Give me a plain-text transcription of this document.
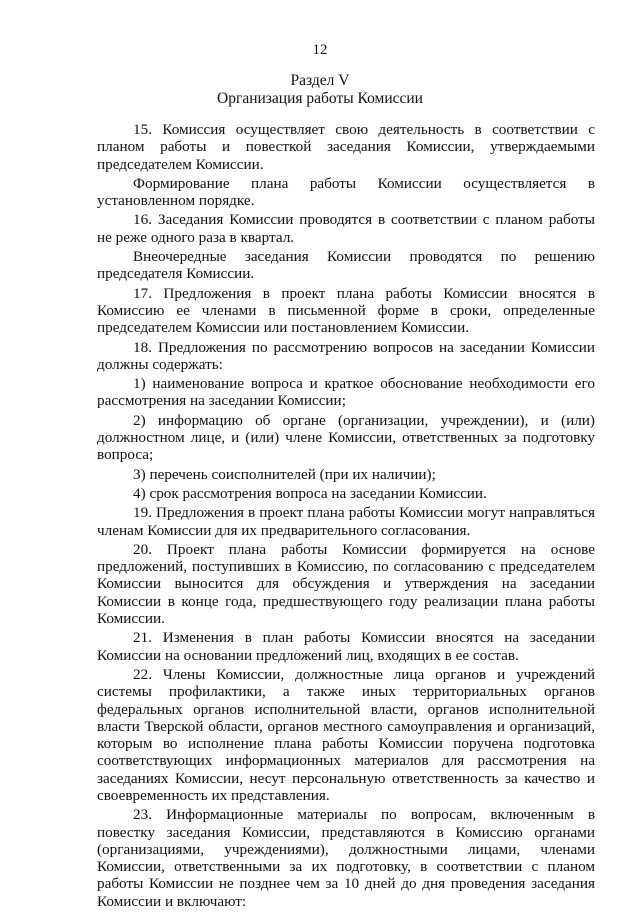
12
Раздел V
Организация работы Комиссии

15. Комиссия осуществляет свою деятельность в соответствии с планом работы и повесткой заседания Комиссии, утверждаемыми председателем Комиссии.

Формирование плана работы Комиссии осуществляется в установленном порядке.

16. Заседания Комиссии проводятся в соответствии с планом работы не реже одного раза в квартал.

Внеочередные заседания Комиссии проводятся по решению председателя Комиссии.

17. Предложения в проект плана работы Комиссии вносятся в Комиссию ее членами в письменной форме в сроки, определенные председателем Комиссии или постановлением Комиссии.

18. Предложения по рассмотрению вопросов на заседании Комиссии должны содержать:

1) наименование вопроса и краткое обоснование необходимости его рассмотрения на заседании Комиссии;

2) информацию об органе (организации, учреждении), и (или) должностном лице, и (или) члене Комиссии, ответственных за подготовку вопроса;

3) перечень соисполнителей (при их наличии);

4) срок рассмотрения вопроса на заседании Комиссии.

19. Предложения в проект плана работы Комиссии могут направляться членам Комиссии для их предварительного согласования.

20. Проект плана работы Комиссии формируется на основе предложений, поступивших в Комиссию, по согласованию с председателем Комиссии выносится для обсуждения и утверждения на заседании Комиссии в конце года, предшествующего году реализации плана работы Комиссии.

21. Изменения в план работы Комиссии вносятся на заседании Комиссии на основании предложений лиц, входящих в ее состав.

22. Члены Комиссии, должностные лица органов и учреждений системы профилактики, а также иных территориальных органов федеральных органов исполнительной власти, органов исполнительной власти Тверской области, органов местного самоуправления и организаций, которым во исполнение плана работы Комиссии поручена подготовка соответствующих информационных материалов для рассмотрения на заседаниях Комиссии, несут персональную ответственность за качество и своевременность их представления.

23. Информационные материалы по вопросам, включенным в повестку заседания Комиссии, представляются в Комиссию органами (организациями, учреждениями), должностными лицами, членами Комиссии, ответственными за их подготовку, в соответствии с планом работы Комиссии не позднее чем за 10 дней до дня проведения заседания Комиссии и включают:
